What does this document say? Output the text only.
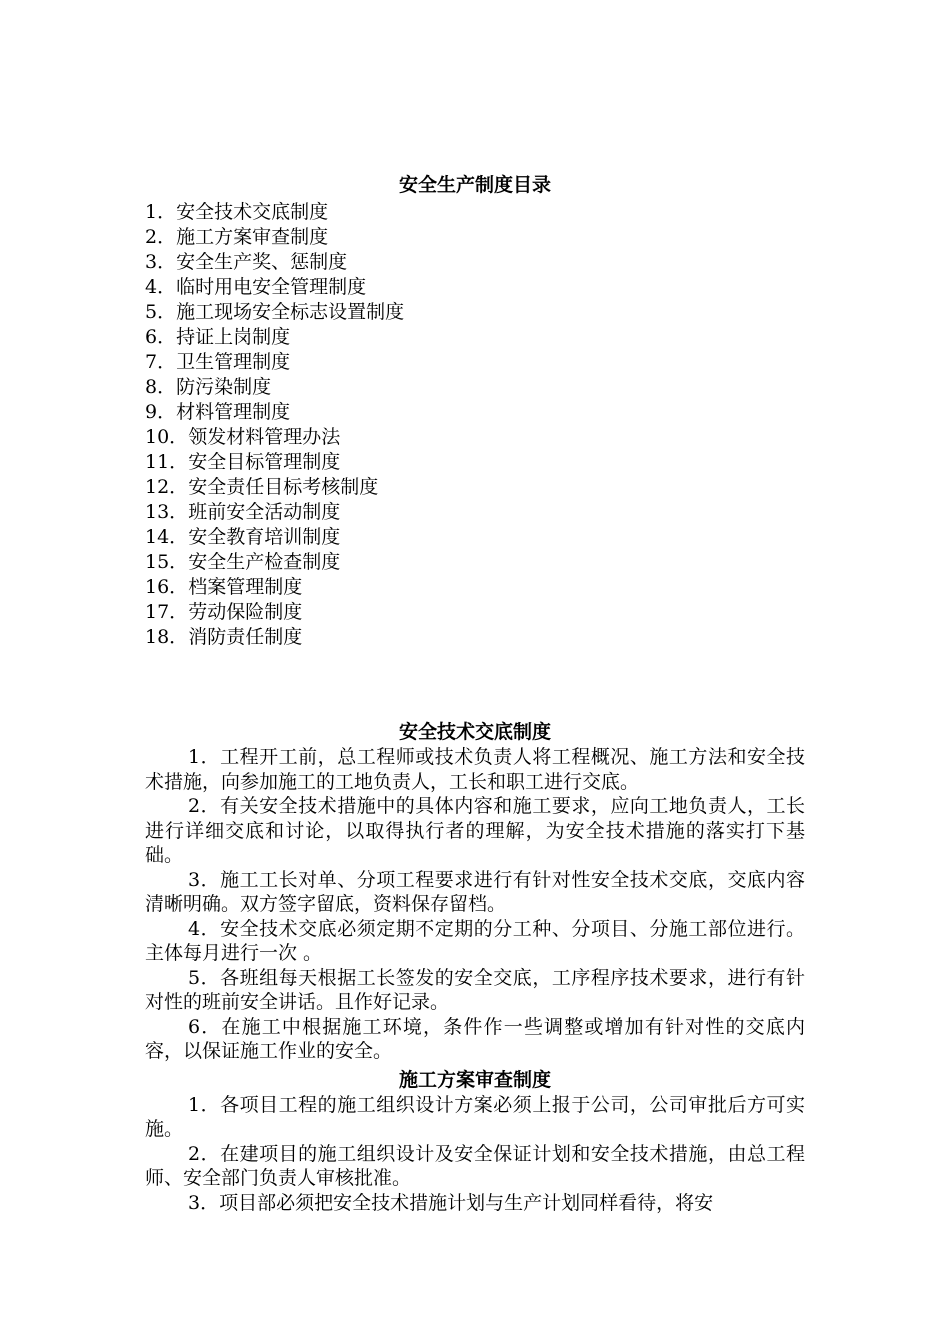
安全生产制度目录
1．安全技术交底制度
2．施工方案审查制度
3．安全生产奖、惩制度
4．临时用电安全管理制度
5．施工现场安全标志设置制度
6．持证上岗制度
7．卫生管理制度
8．防污染制度
9．材料管理制度
10．领发材料管理办法
11．安全目标管理制度
12．安全责任目标考核制度
13．班前安全活动制度
14．安全教育培训制度
15．安全生产检查制度
16．档案管理制度
17．劳动保险制度
18．消防责任制度
安全技术交底制度

1．工程开工前，总工程师或技术负责人将工程概况、施工方法和安全技术措施，向参加施工的工地负责人，工长和职工进行交底。

2．有关安全技术措施中的具体内容和施工要求，应向工地负责人，工长进行详细交底和讨论，以取得执行者的理解，为安全技术措施的落实打下基础。

3．施工工长对单、分项工程要求进行有针对性安全技术交底，交底内容清晰明确。双方签字留底，资料保存留档。

4．安全技术交底必须定期不定期的分工种、分项目、分施工部位进行。主体每月进行一次 。

5．各班组每天根据工长签发的安全交底，工序程序技术要求，进行有针对性的班前安全讲话。且作好记录。

6．在施工中根据施工环境，条件作一些调整或增加有针对性的交底内容，以保证施工作业的安全。

施工方案审查制度

1．各项目工程的施工组织设计方案必须上报于公司，公司审批后方可实施。

2．在建项目的施工组织设计及安全保证计划和安全技术措施，由总工程师、安全部门负责人审核批准。

3．项目部必须把安全技术措施计划与生产计划同样看待，将安
